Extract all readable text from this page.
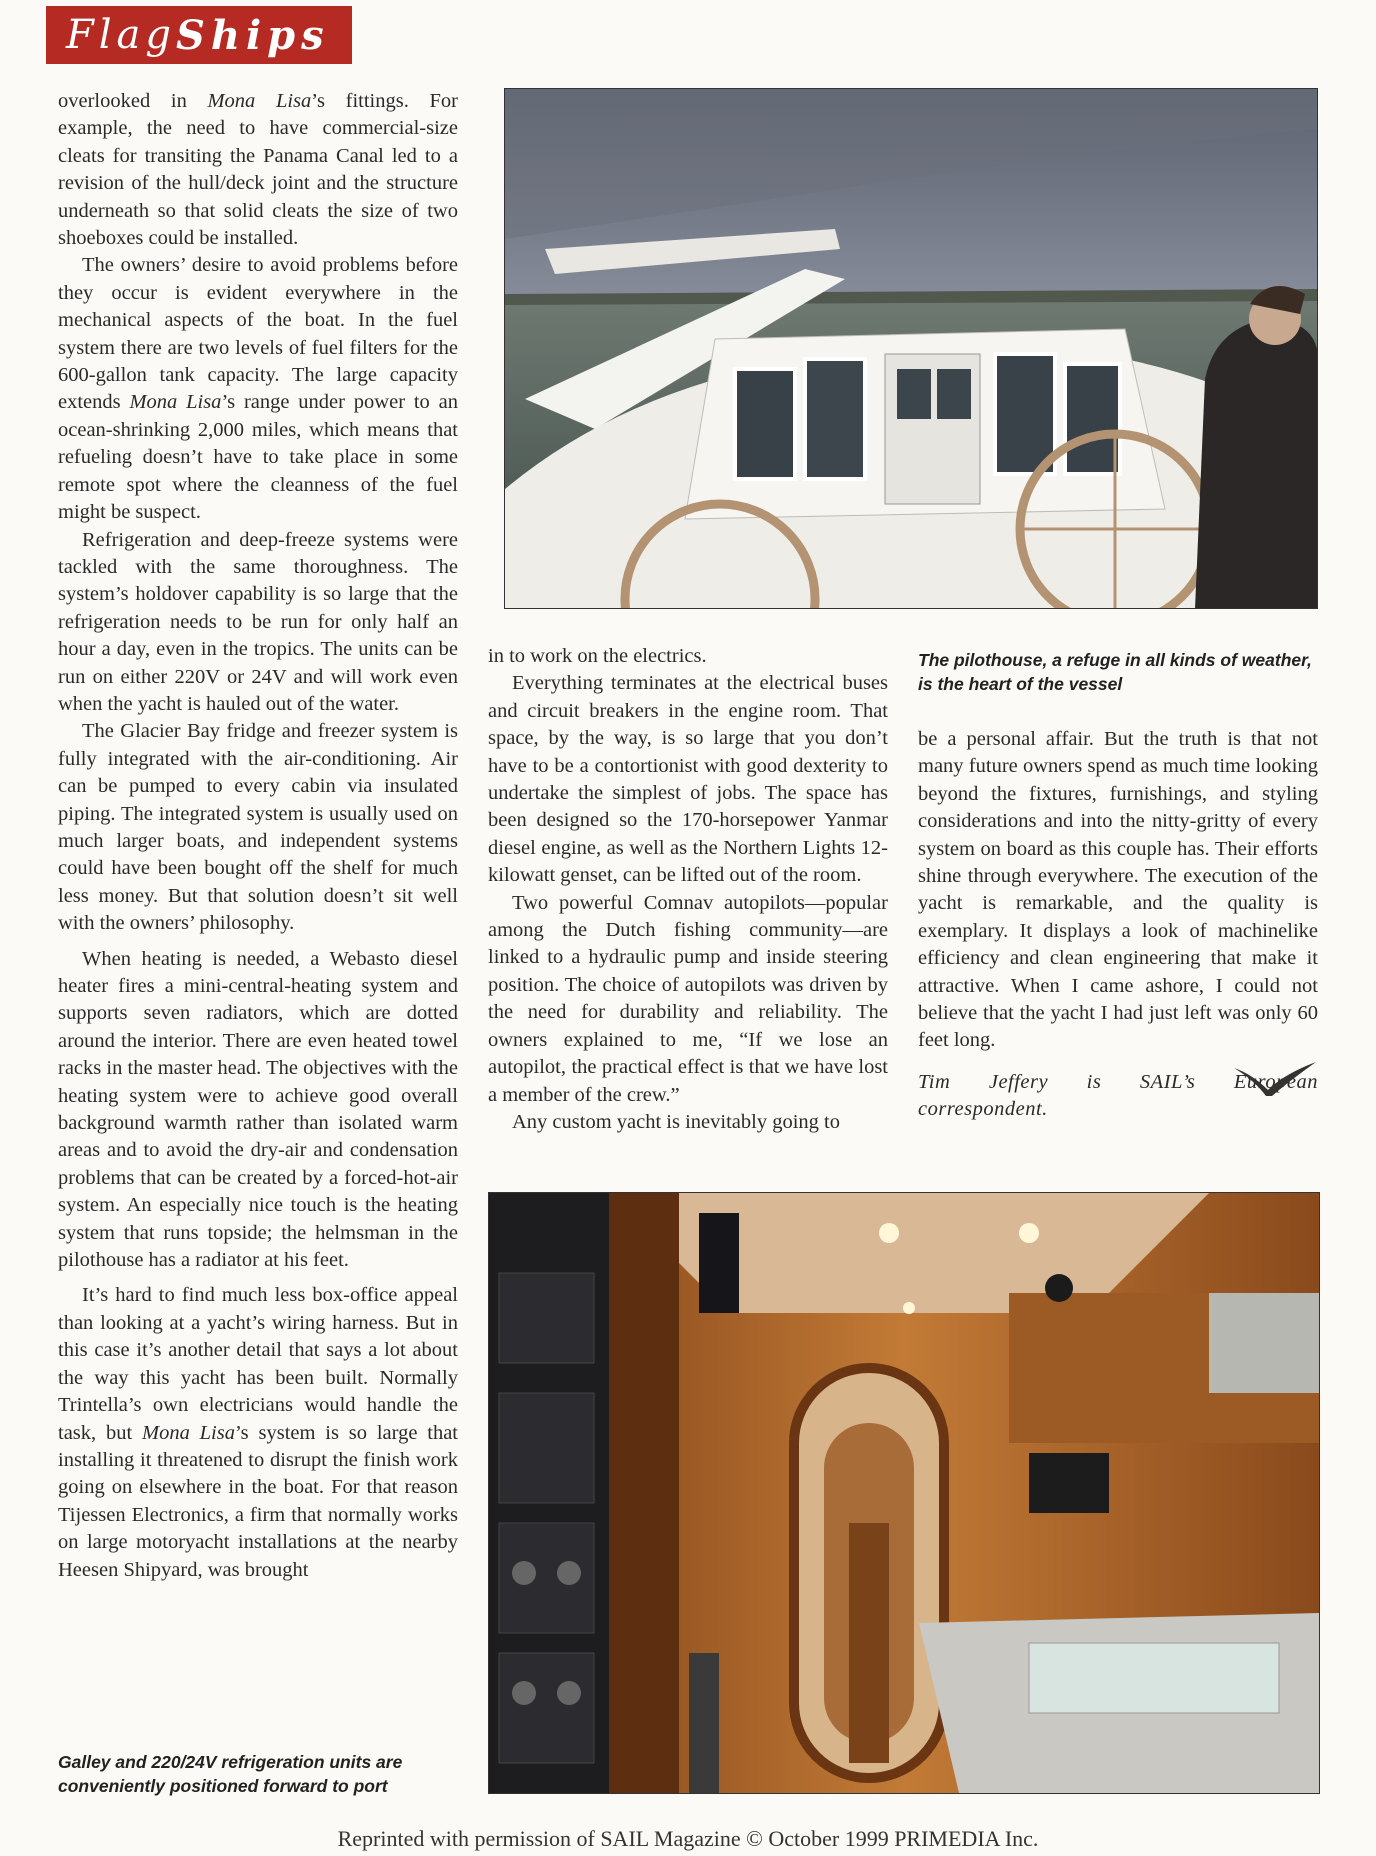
Flag Ships

overlooked in Mona Lisa’s fittings. For example, the need to have commercial-size cleats for transiting the Panama Canal led to a revision of the hull/deck joint and the structure underneath so that solid cleats the size of two shoeboxes could be installed.

The owners’ desire to avoid problems before they occur is evident everywhere in the mechanical aspects of the boat. In the fuel system there are two levels of fuel filters for the 600-gallon tank capacity. The large capacity extends Mona Lisa’s range under power to an ocean-shrinking 2,000 miles, which means that refueling doesn’t have to take place in some remote spot where the cleanness of the fuel might be suspect.

Refrigeration and deep-freeze systems were tackled with the same thoroughness. The system’s holdover capability is so large that the refrigeration needs to be run for only half an hour a day, even in the tropics. The units can be run on either 220V or 24V and will work even when the yacht is hauled out of the water.

The Glacier Bay fridge and freezer system is fully integrated with the air-conditioning. Air can be pumped to every cabin via insulated piping. The integrated system is usually used on much larger boats, and independent systems could have been bought off the shelf for much less money. But that solution doesn’t sit well with the owners’ philosophy.

When heating is needed, a Webasto diesel heater fires a mini-central-heating system and supports seven radiators, which are dotted around the interior. There are even heated towel racks in the master head. The objectives with the heating system were to achieve good overall background warmth rather than isolated warm areas and to avoid the dry-air and condensation problems that can be created by a forced-hot-air system. An especially nice touch is the heating system that runs topside; the helmsman in the pilothouse has a radiator at his feet.

It’s hard to find much less box-office appeal than looking at a yacht’s wiring harness. But in this case it’s another detail that says a lot about the way this yacht has been built. Normally Trintella’s own electricians would handle the task, but Mona Lisa’s system is so large that installing it threatened to disrupt the finish work going on elsewhere in the boat. For that reason Tijessen Electronics, a firm that normally works on large motoryacht installations at the nearby Heesen Shipyard, was brought

Galley and 220/24V refrigeration units are conveniently positioned forward to port
The pilothouse, a refuge in all kinds of weather, is the heart of the vessel

in to work on the electrics.

Everything terminates at the electrical buses and circuit breakers in the engine room. That space, by the way, is so large that you don’t have to be a contortionist with good dexterity to undertake the simplest of jobs. The space has been designed so the 170-horsepower Yanmar diesel engine, as well as the Northern Lights 12-kilowatt genset, can be lifted out of the room.

Two powerful Comnav autopilots—popular among the Dutch fishing community—are linked to a hydraulic pump and inside steering position. The choice of autopilots was driven by the need for durability and reliability. The owners explained to me, “If we lose an autopilot, the practical effect is that we have lost a member of the crew.”

Any custom yacht is inevitably going to

be a personal affair. But the truth is that not many future owners spend as much time looking beyond the fixtures, furnishings, and styling considerations and into the nitty-gritty of every system on board as this couple has. Their efforts shine through everywhere. The execution of the yacht is remarkable, and the quality is exemplary. It displays a look of machinelike efficiency and clean engineering that make it attractive. When I came ashore, I could not believe that the yacht I had just left was only 60 feet long.

Tim Jeffery is SAIL’s European correspondent.

Reprinted with permission of SAIL Magazine © October 1999 PRIMEDIA Inc.
